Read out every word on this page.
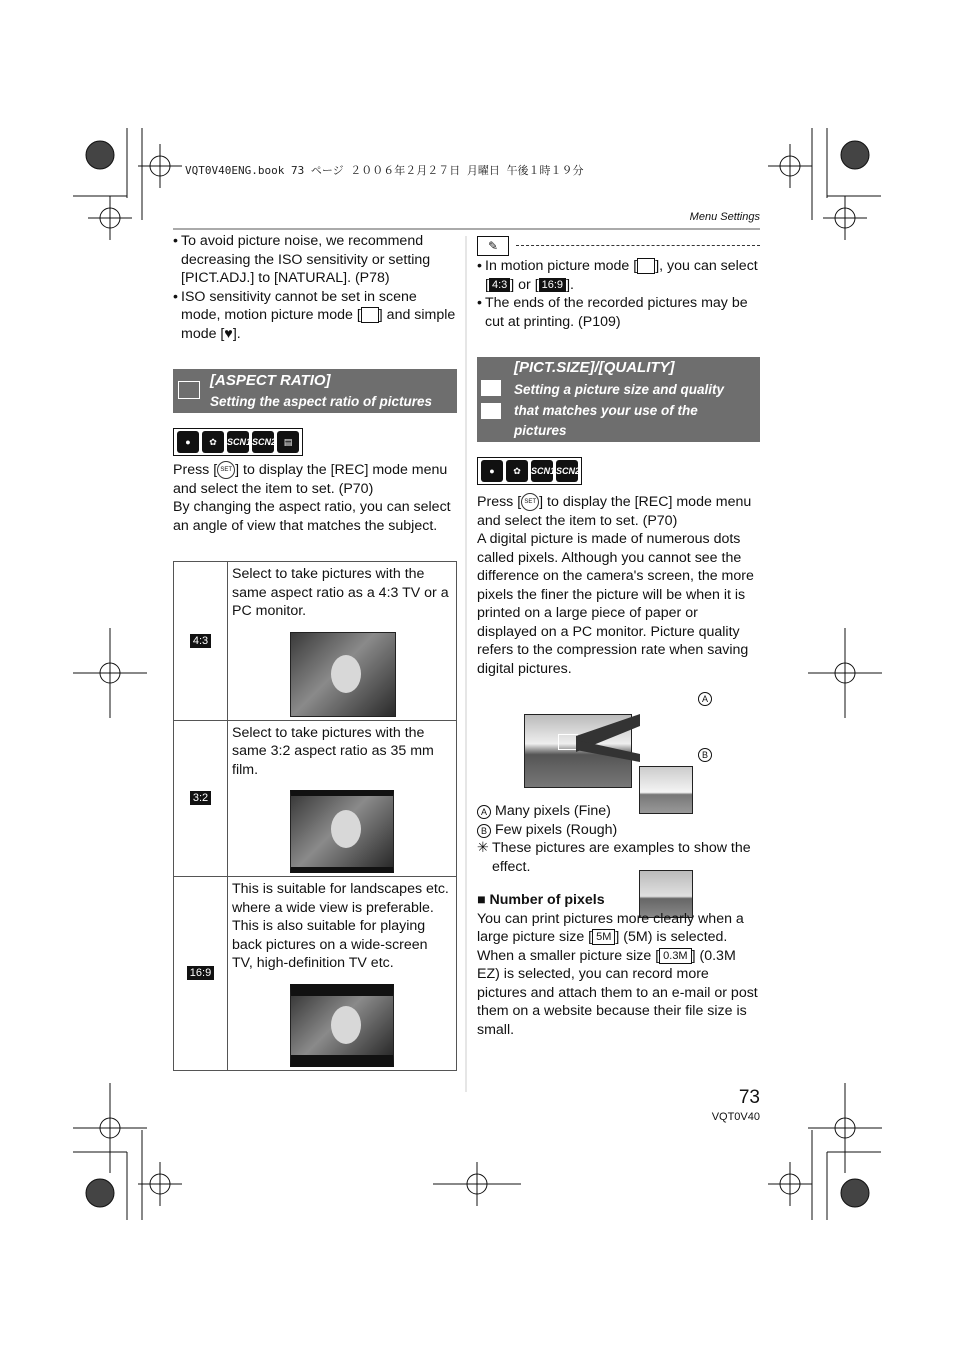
VQT0V40ENG.book 73 ページ ２００６年２月２７日 月曜日 午後１時１９分
Menu Settings
• To avoid picture noise, we recommend decreasing the ISO sensitivity or setting [PICT.ADJ.] to [NATURAL]. (P78)
• ISO sensitivity cannot be set in scene mode, motion picture mode [ ] and simple mode [♥].
[ASPECT RATIO]
Setting the aspect ratio of pictures
● ✿ SCN1SCN2 ▤
Press [ SET ] to display the [REC] mode menu and select the item to set. (P70)
By changing the aspect ratio, you can select an angle of view that matches the subject.
4:3	Select to take pictures with the same aspect ratio as a 4:3 TV or a PC monitor.

3:2	Select to take pictures with the same 3:2 aspect ratio as 35 mm film.

16:9	This is suitable for landscapes etc. where a wide view is preferable. This is also suitable for playing back pictures on a wide-screen TV, high-definition TV etc.
✎
• In motion picture mode [ ], you can select [ 4:3 ] or [ 16:9 ].
• The ends of the recorded pictures may be cut at printing. (P109)
[PICT.SIZE]/[QUALITY]
Setting a picture size and quality that matches your use of the pictures
● ✿ SCN1SCN2
Press [ SET ] to display the [REC] mode menu and select the item to set. (P70)
A digital picture is made of numerous dots called pixels. Although you cannot see the difference on the camera's screen, the more pixels the finer the picture will be when it is printed on a large piece of paper or displayed on a PC monitor. Picture quality refers to the compression rate when saving digital pictures.
A
B
A Many pixels (Fine)
B Few pixels (Rough)
✳ These pictures are examples to show the effect.
■ Number of pixels
You can print pictures more clearly when a large picture size [ 5M ] (5M) is selected. When a smaller picture size [ 0.3M ] (0.3M EZ) is selected, you can record more pictures and attach them to an e-mail or post them on a website because their file size is small.
73
VQT0V40
